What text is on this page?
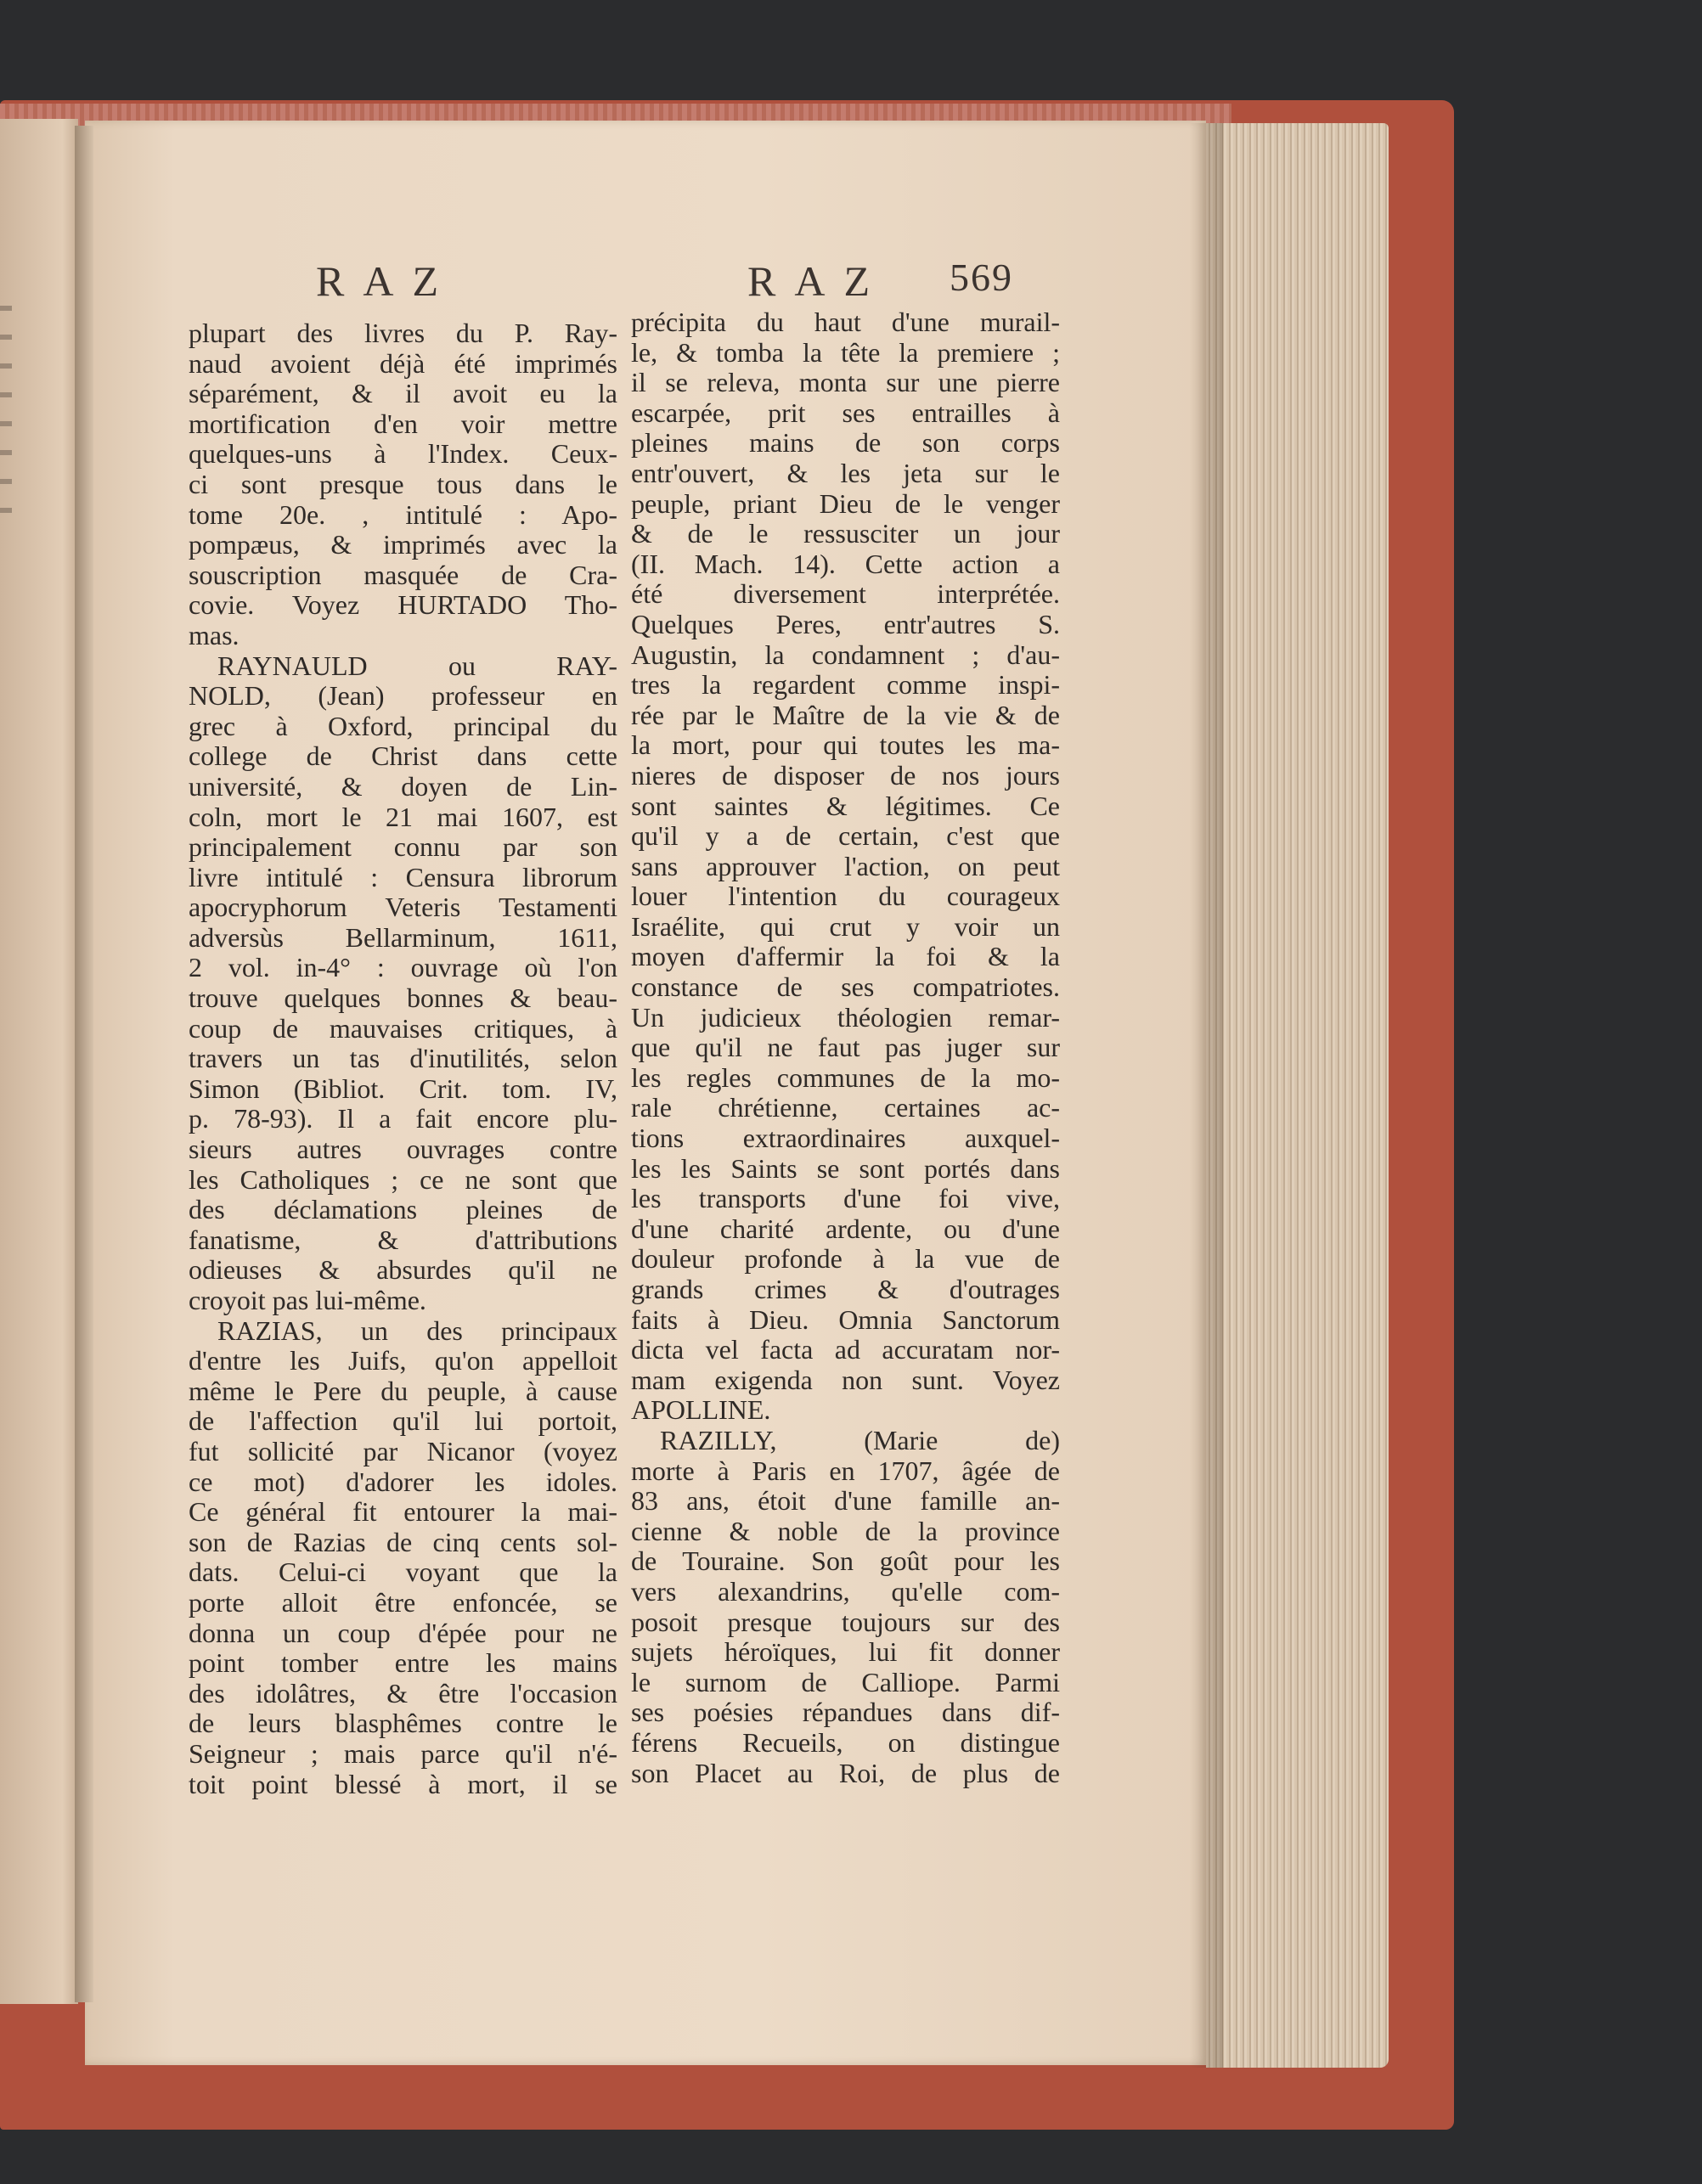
RAZ	RAZ 569
plupart des livres du P. Ray-
naud avoient déjà été imprimés
séparément, & il avoit eu la
mortification d'en voir mettre
quelques-uns à l'Index. Ceux-
ci sont presque tous dans le
tome 20e. , intitulé : Apo-
pompæus, & imprimés avec la
souscription masquée de Cra-
covie. Voyez HURTADO Tho-
mas.
RAYNAULD ou RAY-
NOLD, (Jean) professeur en
grec à Oxford, principal du
college de Christ dans cette
université, & doyen de Lin-
coln, mort le 21 mai 1607, est
principalement connu par son
livre intitulé : Censura librorum
apocryphorum Veteris Testamenti
adversùs Bellarminum, 1611,
2 vol. in-4° : ouvrage où l'on
trouve quelques bonnes & beau-
coup de mauvaises critiques, à
travers un tas d'inutilités, selon
Simon (Bibliot. Crit. tom. IV,
p. 78-93). Il a fait encore plu-
sieurs autres ouvrages contre
les Catholiques ; ce ne sont que
des déclamations pleines de
fanatisme, & d'attributions
odieuses & absurdes qu'il ne
croyoit pas lui-même.
RAZIAS, un des principaux
d'entre les Juifs, qu'on appelloit
même le Pere du peuple, à cause
de l'affection qu'il lui portoit,
fut sollicité par Nicanor (voyez
ce mot) d'adorer les idoles.
Ce général fit entourer la mai-
son de Razias de cinq cents sol-
dats. Celui-ci voyant que la
porte alloit être enfoncée, se
donna un coup d'épée pour ne
point tomber entre les mains
des idolâtres, & être l'occasion
de leurs blasphêmes contre le
Seigneur ; mais parce qu'il n'é-
toit point blessé à mort, il se
précipita du haut d'une murail-
le, & tomba la tête la premiere ;
il se releva, monta sur une pierre
escarpée, prit ses entrailles à
pleines mains de son corps
entr'ouvert, & les jeta sur le
peuple, priant Dieu de le venger
& de le ressusciter un jour
(II. Mach. 14). Cette action a
été diversement interprétée.
Quelques Peres, entr'autres S.
Augustin, la condamnent ; d'au-
tres la regardent comme inspi-
rée par le Maître de la vie & de
la mort, pour qui toutes les ma-
nieres de disposer de nos jours
sont saintes & légitimes. Ce
qu'il y a de certain, c'est que
sans approuver l'action, on peut
louer l'intention du courageux
Israélite, qui crut y voir un
moyen d'affermir la foi & la
constance de ses compatriotes.
Un judicieux théologien remar-
que qu'il ne faut pas juger sur
les regles communes de la mo-
rale chrétienne, certaines ac-
tions extraordinaires auxquel-
les les Saints se sont portés dans
les transports d'une foi vive,
d'une charité ardente, ou d'une
douleur profonde à la vue de
grands crimes & d'outrages
faits à Dieu. Omnia Sanctorum
dicta vel facta ad accuratam nor-
mam exigenda non sunt. Voyez
APOLLINE.
RAZILLY, (Marie de)
morte à Paris en 1707, âgée de
83 ans, étoit d'une famille an-
cienne & noble de la province
de Touraine. Son goût pour les
vers alexandrins, qu'elle com-
posoit presque toujours sur des
sujets héroïques, lui fit donner
le surnom de Calliope. Parmi
ses poésies répandues dans dif-
férens Recueils, on distingue
son Placet au Roi, de plus de
